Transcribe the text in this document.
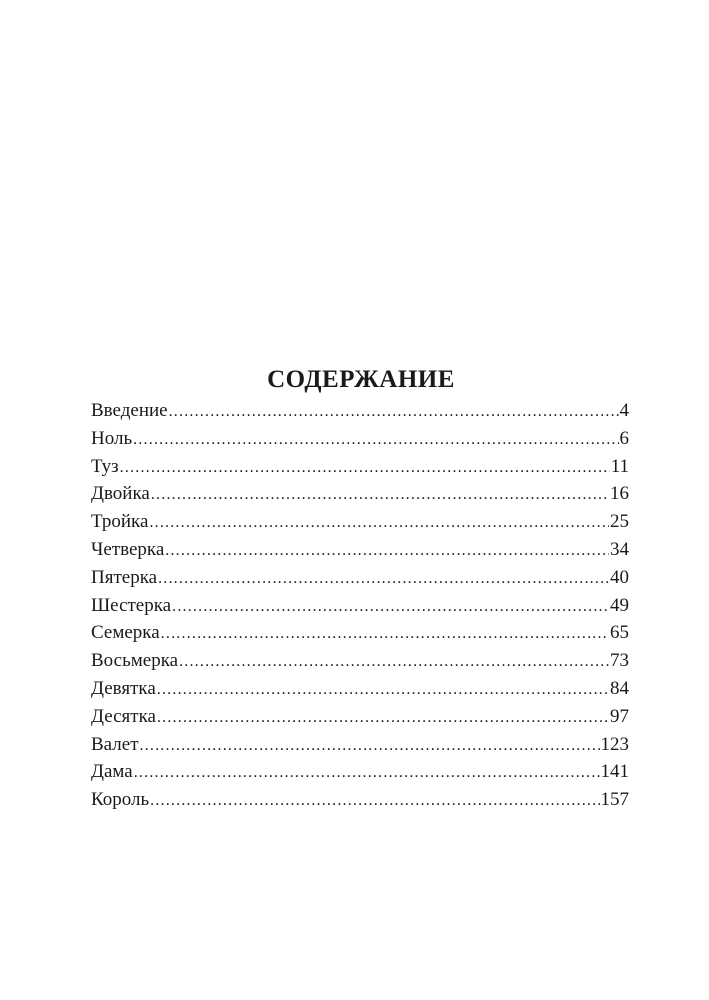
СОДЕРЖАНИЕ
Введение .....	4
Ноль .....	6
Туз .....	11
Двойка .....	16
Тройка .....	25
Четверка .....	34
Пятерка .....	40
Шестерка .....	49
Семерка .....	65
Восьмерка .....	73
Девятка .....	84
Десятка .....	97
Валет .....	123
Дама .....	141
Король .....	157
